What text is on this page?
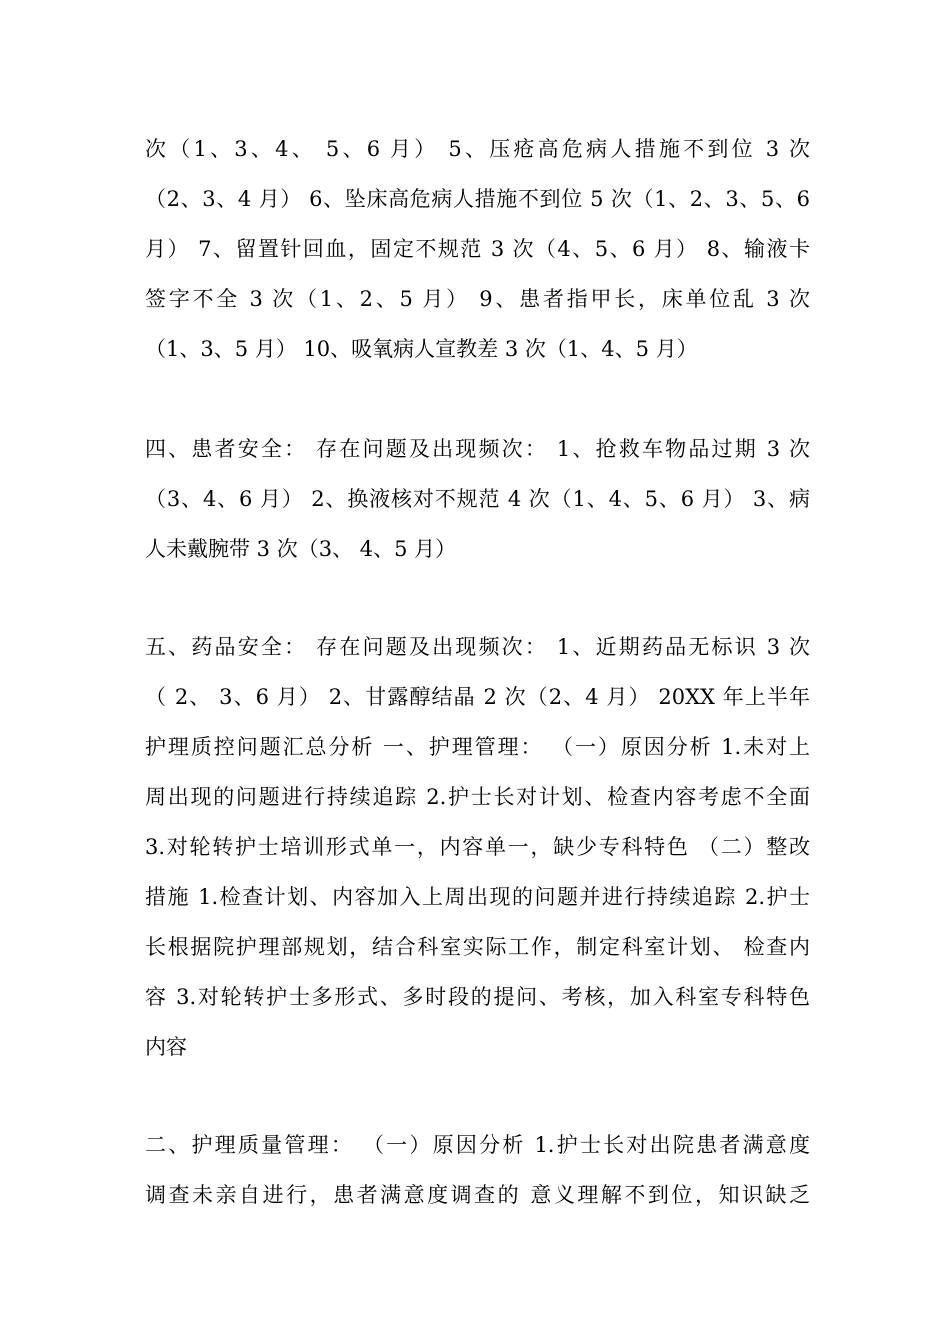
次（1、3、4、 5、6 月） 5、压疮高危病人措施不到位 3 次
（2、3、4 月） 6、坠床高危病人措施不到位 5 次（1、2、3、5、6
月） 7、留置针回血，固定不规范 3 次（4、5、6 月） 8、输液卡
签字不全 3 次（1、2、5 月） 9、患者指甲长，床单位乱 3 次
（1、3、5 月） 10、吸氧病人宣教差 3 次（1、4、5 月）
四、患者安全： 存在问题及出现频次： 1、抢救车物品过期 3 次
（3、4、6 月） 2、换液核对不规范 4 次（1、4、5、6 月） 3、病
人未戴腕带 3 次（3、 4、5 月）
五、药品安全： 存在问题及出现频次： 1、近期药品无标识 3 次
（ 2、 3、6 月） 2、甘露醇结晶 2 次（2、4 月） 20XX 年上半年
护理质控问题汇总分析 一、护理管理： （一）原因分析 1.未对上
周出现的问题进行持续追踪 2.护士长对计划、检查内容考虑不全面
3.对轮转护士培训形式单一，内容单一，缺少专科特色 （二）整改
措施 1.检查计划、内容加入上周出现的问题并进行持续追踪 2.护士
长根据院护理部规划，结合科室实际工作，制定科室计划、 检查内
容 3.对轮转护士多形式、多时段的提问、考核，加入科室专科特色
内容
二、护理质量管理： （一）原因分析 1.护士长对出院患者满意度
调查未亲自进行，患者满意度调查的 意义理解不到位，知识缺乏
